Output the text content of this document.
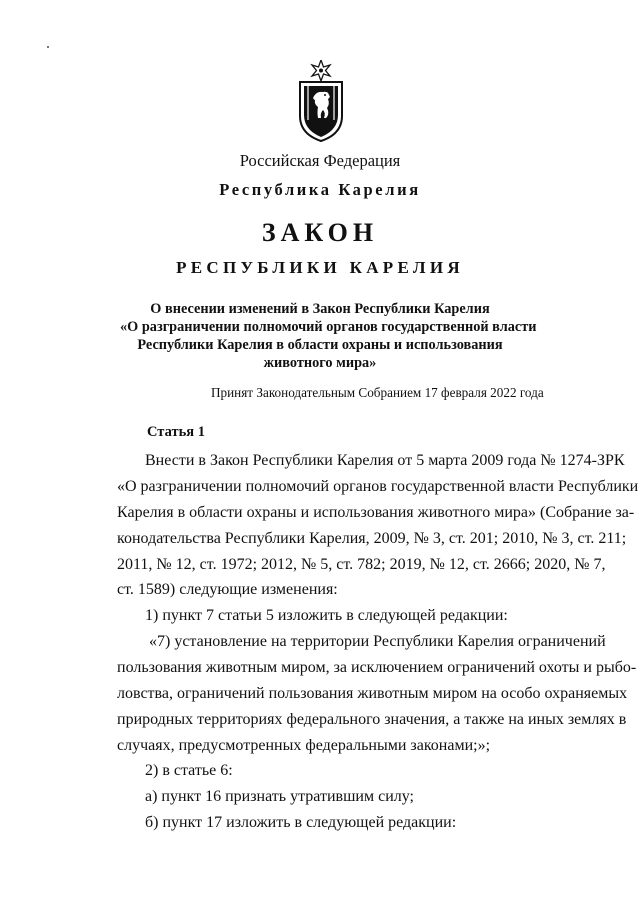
Российская Федерация
Республика Карелия
ЗАКОН
РЕСПУБЛИКИ КАРЕЛИЯ
О внесении изменений в Закон Республики Карелия
«О разграничении полномочий органов государственной власти
Республики Карелия в области охраны и использования
животного мира»
Принят Законодательным Собранием 17 февраля 2022 года
Статья 1
Внести в Закон Республики Карелия от 5 марта 2009 года № 1274-ЗРК
«О разграничении полномочий органов государственной власти Республики
Карелия в области охраны и использования животного мира» (Собрание за-
конодательства Республики Карелия, 2009, № 3, ст. 201; 2010, № 3, ст. 211;
2011, № 12, ст. 1972; 2012, № 5, ст. 782; 2019, № 12, ст. 2666; 2020, № 7,
ст. 1589) следующие изменения:
1) пункт 7 статьи 5 изложить в следующей редакции:
«7) установление на территории Республики Карелия ограничений
пользования животным миром, за исключением ограничений охоты и рыбо-
ловства, ограничений пользования животным миром на особо охраняемых
природных территориях федерального значения, а также на иных землях в
случаях, предусмотренных федеральными законами;»;
2) в статье 6:
а) пункт 16 признать утратившим силу;
б) пункт 17 изложить в следующей редакции:
